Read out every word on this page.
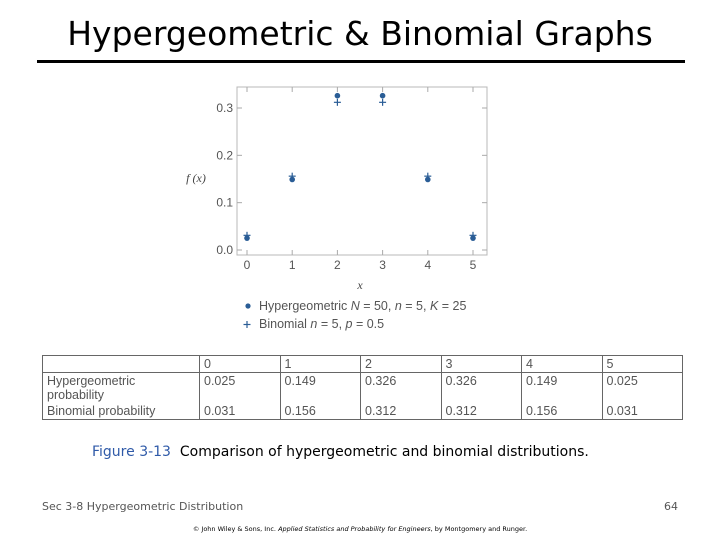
Hypergeometric & Binomial Graphs
0.0
0.1
0.2
0.3
0	1	2	3	4	5
f (x)
x
Hypergeometric N = 50, n = 5, K = 25
Binomial n = 5, p = 0.5
	0	1	2	3	4	5
Hypergeometric probability	0.025	0.149	0.326	0.326	0.149	0.025
Binomial probability	0.031	0.156	0.312	0.312	0.156	0.031
Figure 3-13 Comparison of hypergeometric and binomial distributions.
Sec 3-8 Hypergeometric Distribution	64
© John Wiley & Sons, Inc. Applied Statistics and Probability for Engineers, by Montgomery and Runger.
